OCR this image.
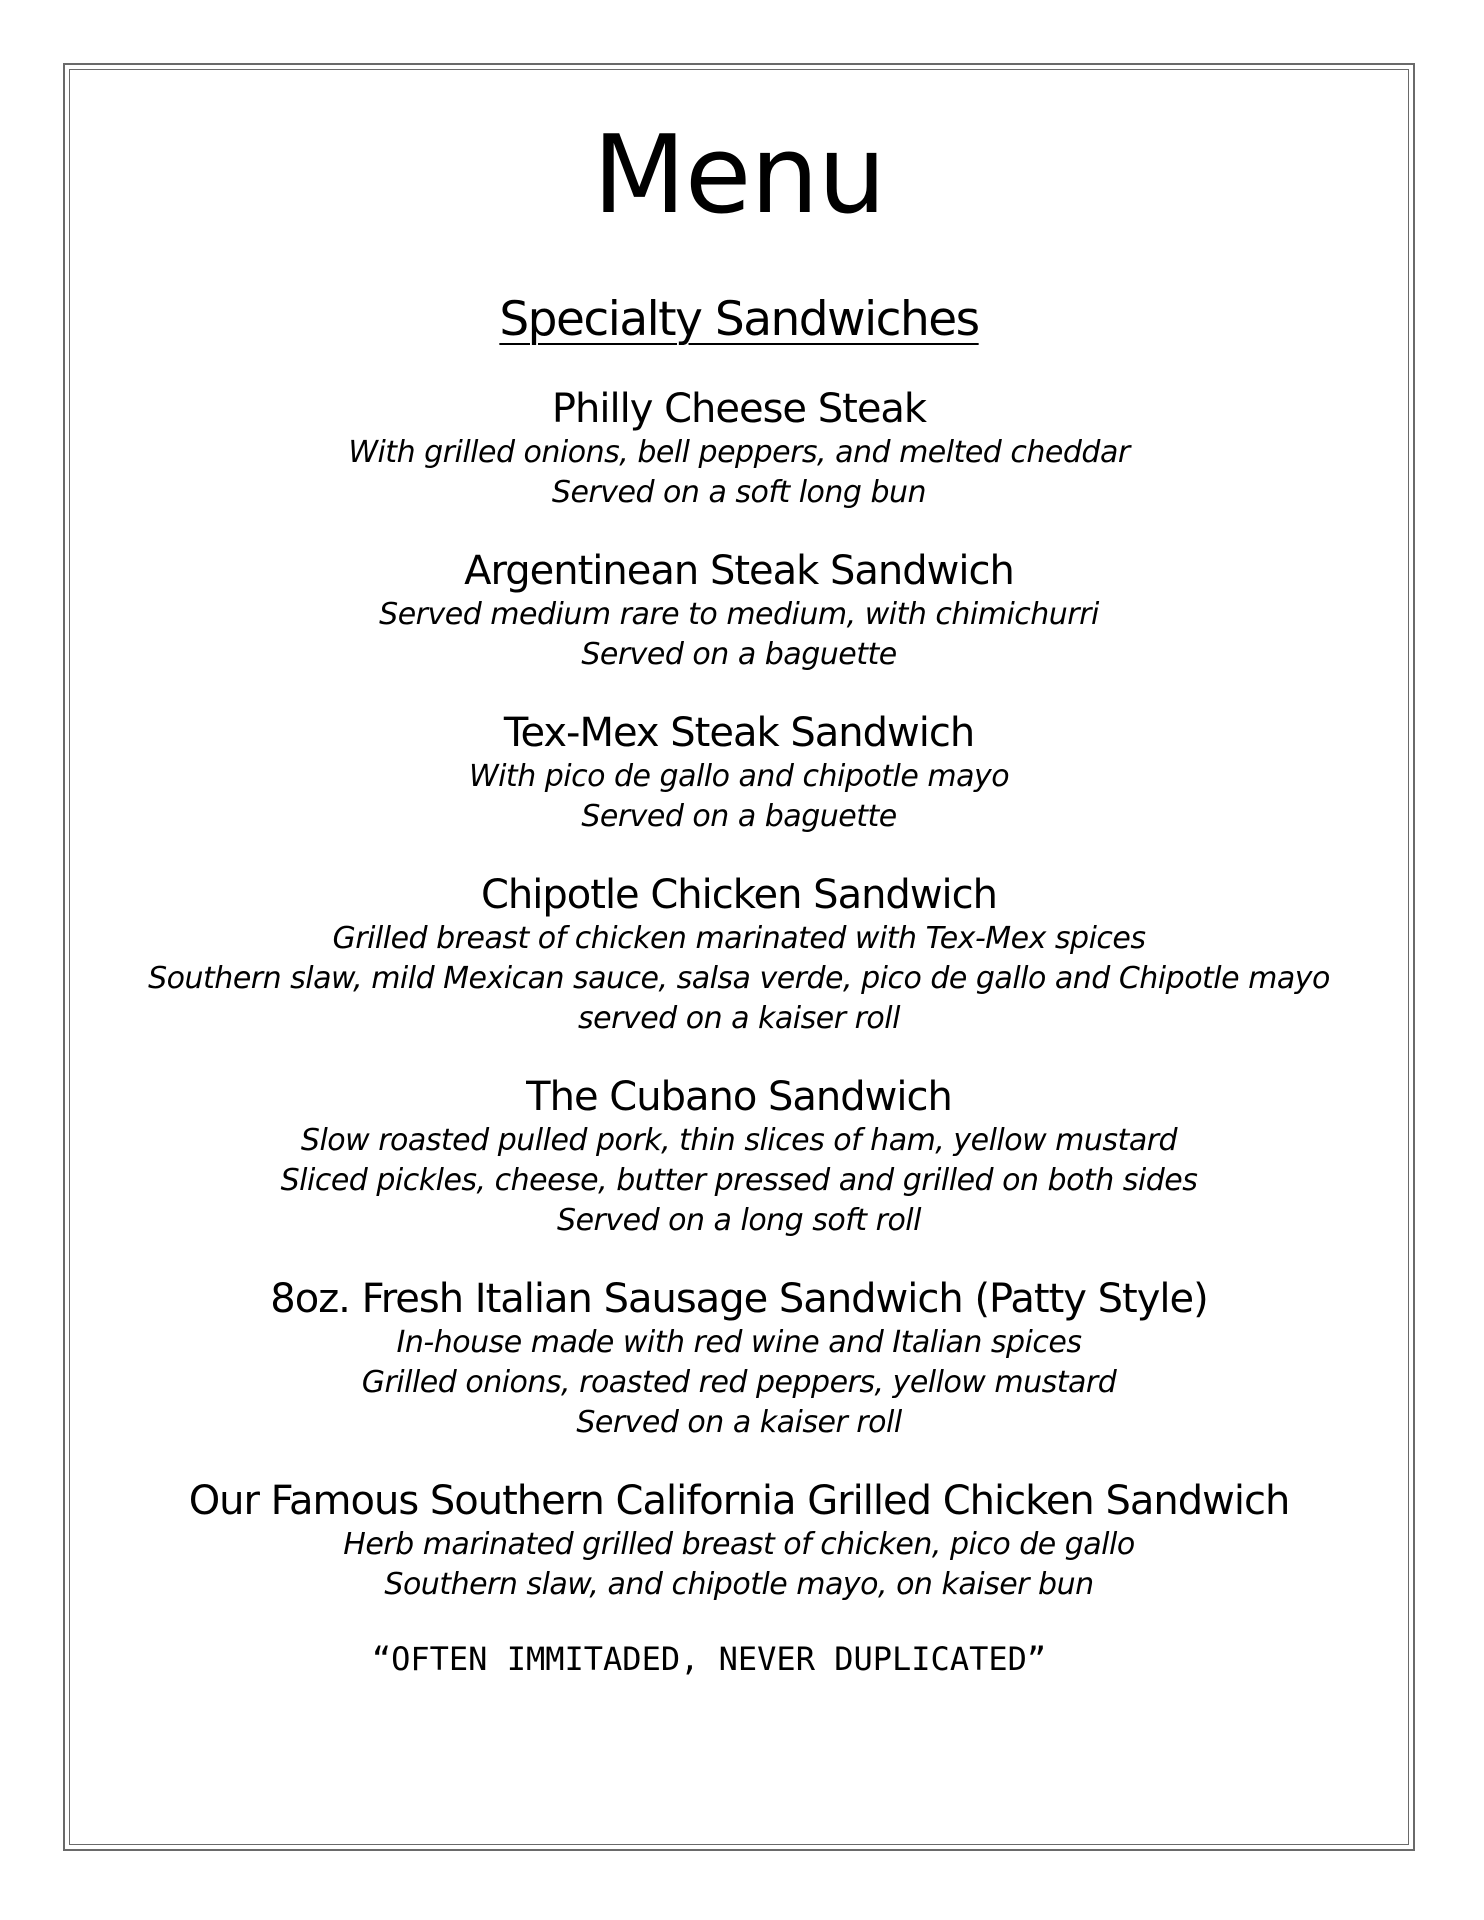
Menu
Specialty Sandwiches
Philly Cheese Steak
With grilled onions, bell peppers, and melted cheddar
Served on a soft long bun
Argentinean Steak Sandwich
Served medium rare to medium, with chimichurri
Served on a baguette
Tex-Mex Steak Sandwich
With pico de gallo and chipotle mayo
Served on a baguette
Chipotle Chicken Sandwich
Grilled breast of chicken marinated with Tex-Mex spices
Southern slaw, mild Mexican sauce, salsa verde, pico de gallo and Chipotle mayo
served on a kaiser roll
The Cubano Sandwich
Slow roasted pulled pork, thin slices of ham, yellow mustard
Sliced pickles, cheese, butter pressed and grilled on both sides
Served on a long soft roll
8oz. Fresh Italian Sausage Sandwich (Patty Style)
In-house made with red wine and Italian spices
Grilled onions, roasted red peppers, yellow mustard
Served on a kaiser roll
Our Famous Southern California Grilled Chicken Sandwich
Herb marinated grilled breast of chicken, pico de gallo
Southern slaw, and chipotle mayo, on kaiser bun
“OFTEN IMMITADED, NEVER DUPLICATED”
